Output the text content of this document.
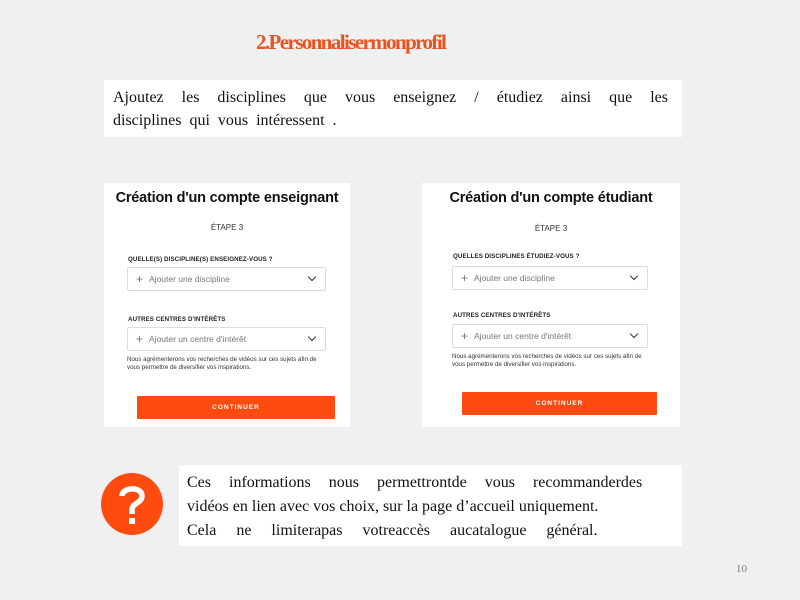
2.Personnalisermonprofil
Ajoutez les disciplines que vous enseignez / étudiez ainsi que les
disciplines qui vous intéressent .
Création d'un compte enseignant
ÉTAPE 3
QUELLE(S) DISCIPLINE(S) ENSEIGNEZ-VOUS ?
+ Ajouter une discipline
AUTRES CENTRES D'INTÉRÊTS
+ Ajouter un centre d'intérêt
Nous agrémenterons vos recherches de vidéos sur ces sujets afin de
vous permettre de diversifier vos inspirations.
CONTINUER
Création d'un compte étudiant
ÉTAPE 3
QUELLES DISCIPLINES ÉTUDIEZ-VOUS ?
+ Ajouter une discipline
AUTRES CENTRES D'INTÉRÊTS
+ Ajouter un centre d'intérêt
Nous agrémenterons vos recherches de vidéos sur ces sujets afin de
vous permettre de diversifier vos inspirations.
CONTINUER
Ces informations nous permettrontde vous recommanderdes
vidéos en lien avec vos choix, sur la page d’accueil uniquement.
Cela ne limiterapas votreaccès aucatalogue général.
10
